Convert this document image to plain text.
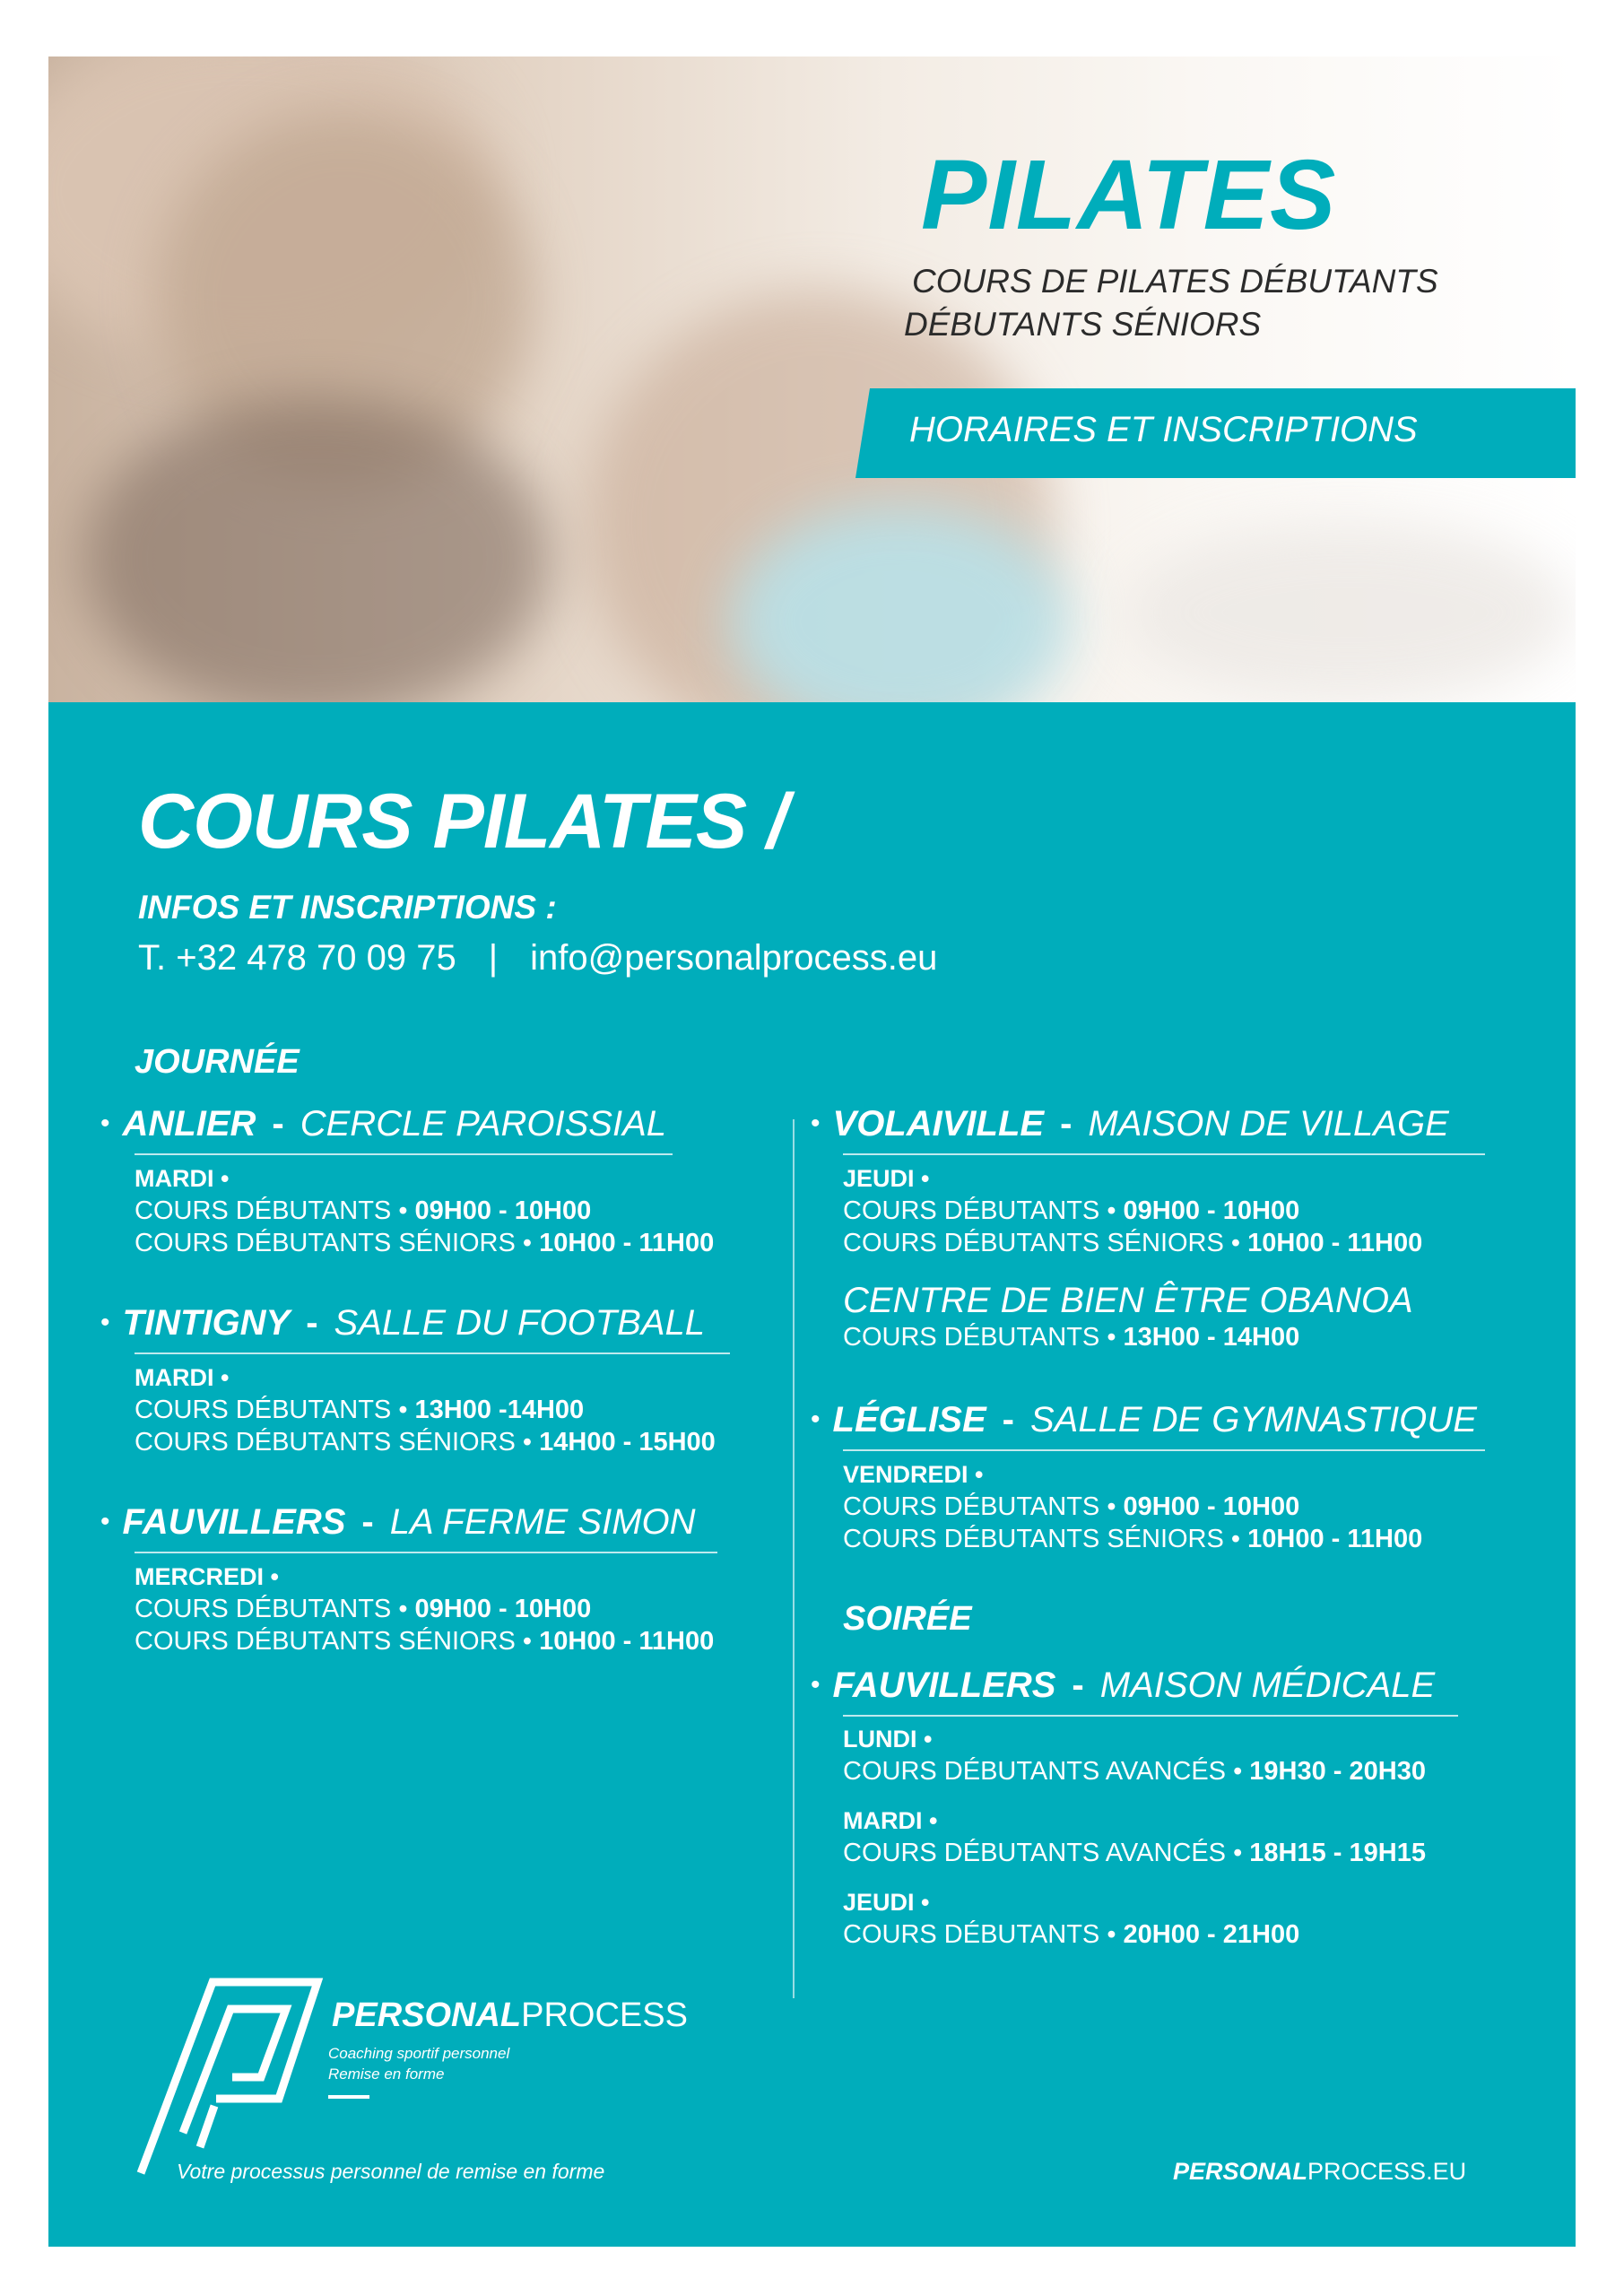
PILATES
COURS DE PILATES DÉBUTANTS
DÉBUTANTS SÉNIORS
HORAIRES ET INSCRIPTIONS
COURS PILATES /
INFOS ET INSCRIPTIONS :
T. +32 478 70 09 75 | info@personalprocess.eu
JOURNÉE
• ANLIER - CERCLE PAROISSIAL
MARDI •
COURS DÉBUTANTS • 09H00 - 10H00
COURS DÉBUTANTS SÉNIORS • 10H00 - 11H00
• TINTIGNY - SALLE DU FOOTBALL
MARDI •
COURS DÉBUTANTS • 13H00 -14H00
COURS DÉBUTANTS SÉNIORS • 14H00 - 15H00
• FAUVILLERS - LA FERME SIMON
MERCREDI •
COURS DÉBUTANTS • 09H00 - 10H00
COURS DÉBUTANTS SÉNIORS • 10H00 - 11H00
• VOLAIVILLE - MAISON DE VILLAGE
JEUDI •
COURS DÉBUTANTS • 09H00 - 10H00
COURS DÉBUTANTS SÉNIORS • 10H00 - 11H00
CENTRE DE BIEN ÊTRE OBANOA
COURS DÉBUTANTS • 13H00 - 14H00
• LÉGLISE - SALLE DE GYMNASTIQUE
VENDREDI •
COURS DÉBUTANTS • 09H00 - 10H00
COURS DÉBUTANTS SÉNIORS • 10H00 - 11H00
SOIRÉE
• FAUVILLERS - MAISON MÉDICALE
LUNDI •
COURS DÉBUTANTS AVANCÉS • 19H30 - 20H30
MARDI •
COURS DÉBUTANTS AVANCÉS • 18H15 - 19H15
JEUDI •
COURS DÉBUTANTS • 20H00 - 21H00
PERSONALPROCESS
Coaching sportif personnel
Remise en forme
Votre processus personnel de remise en forme	PERSONALPROCESS.EU
